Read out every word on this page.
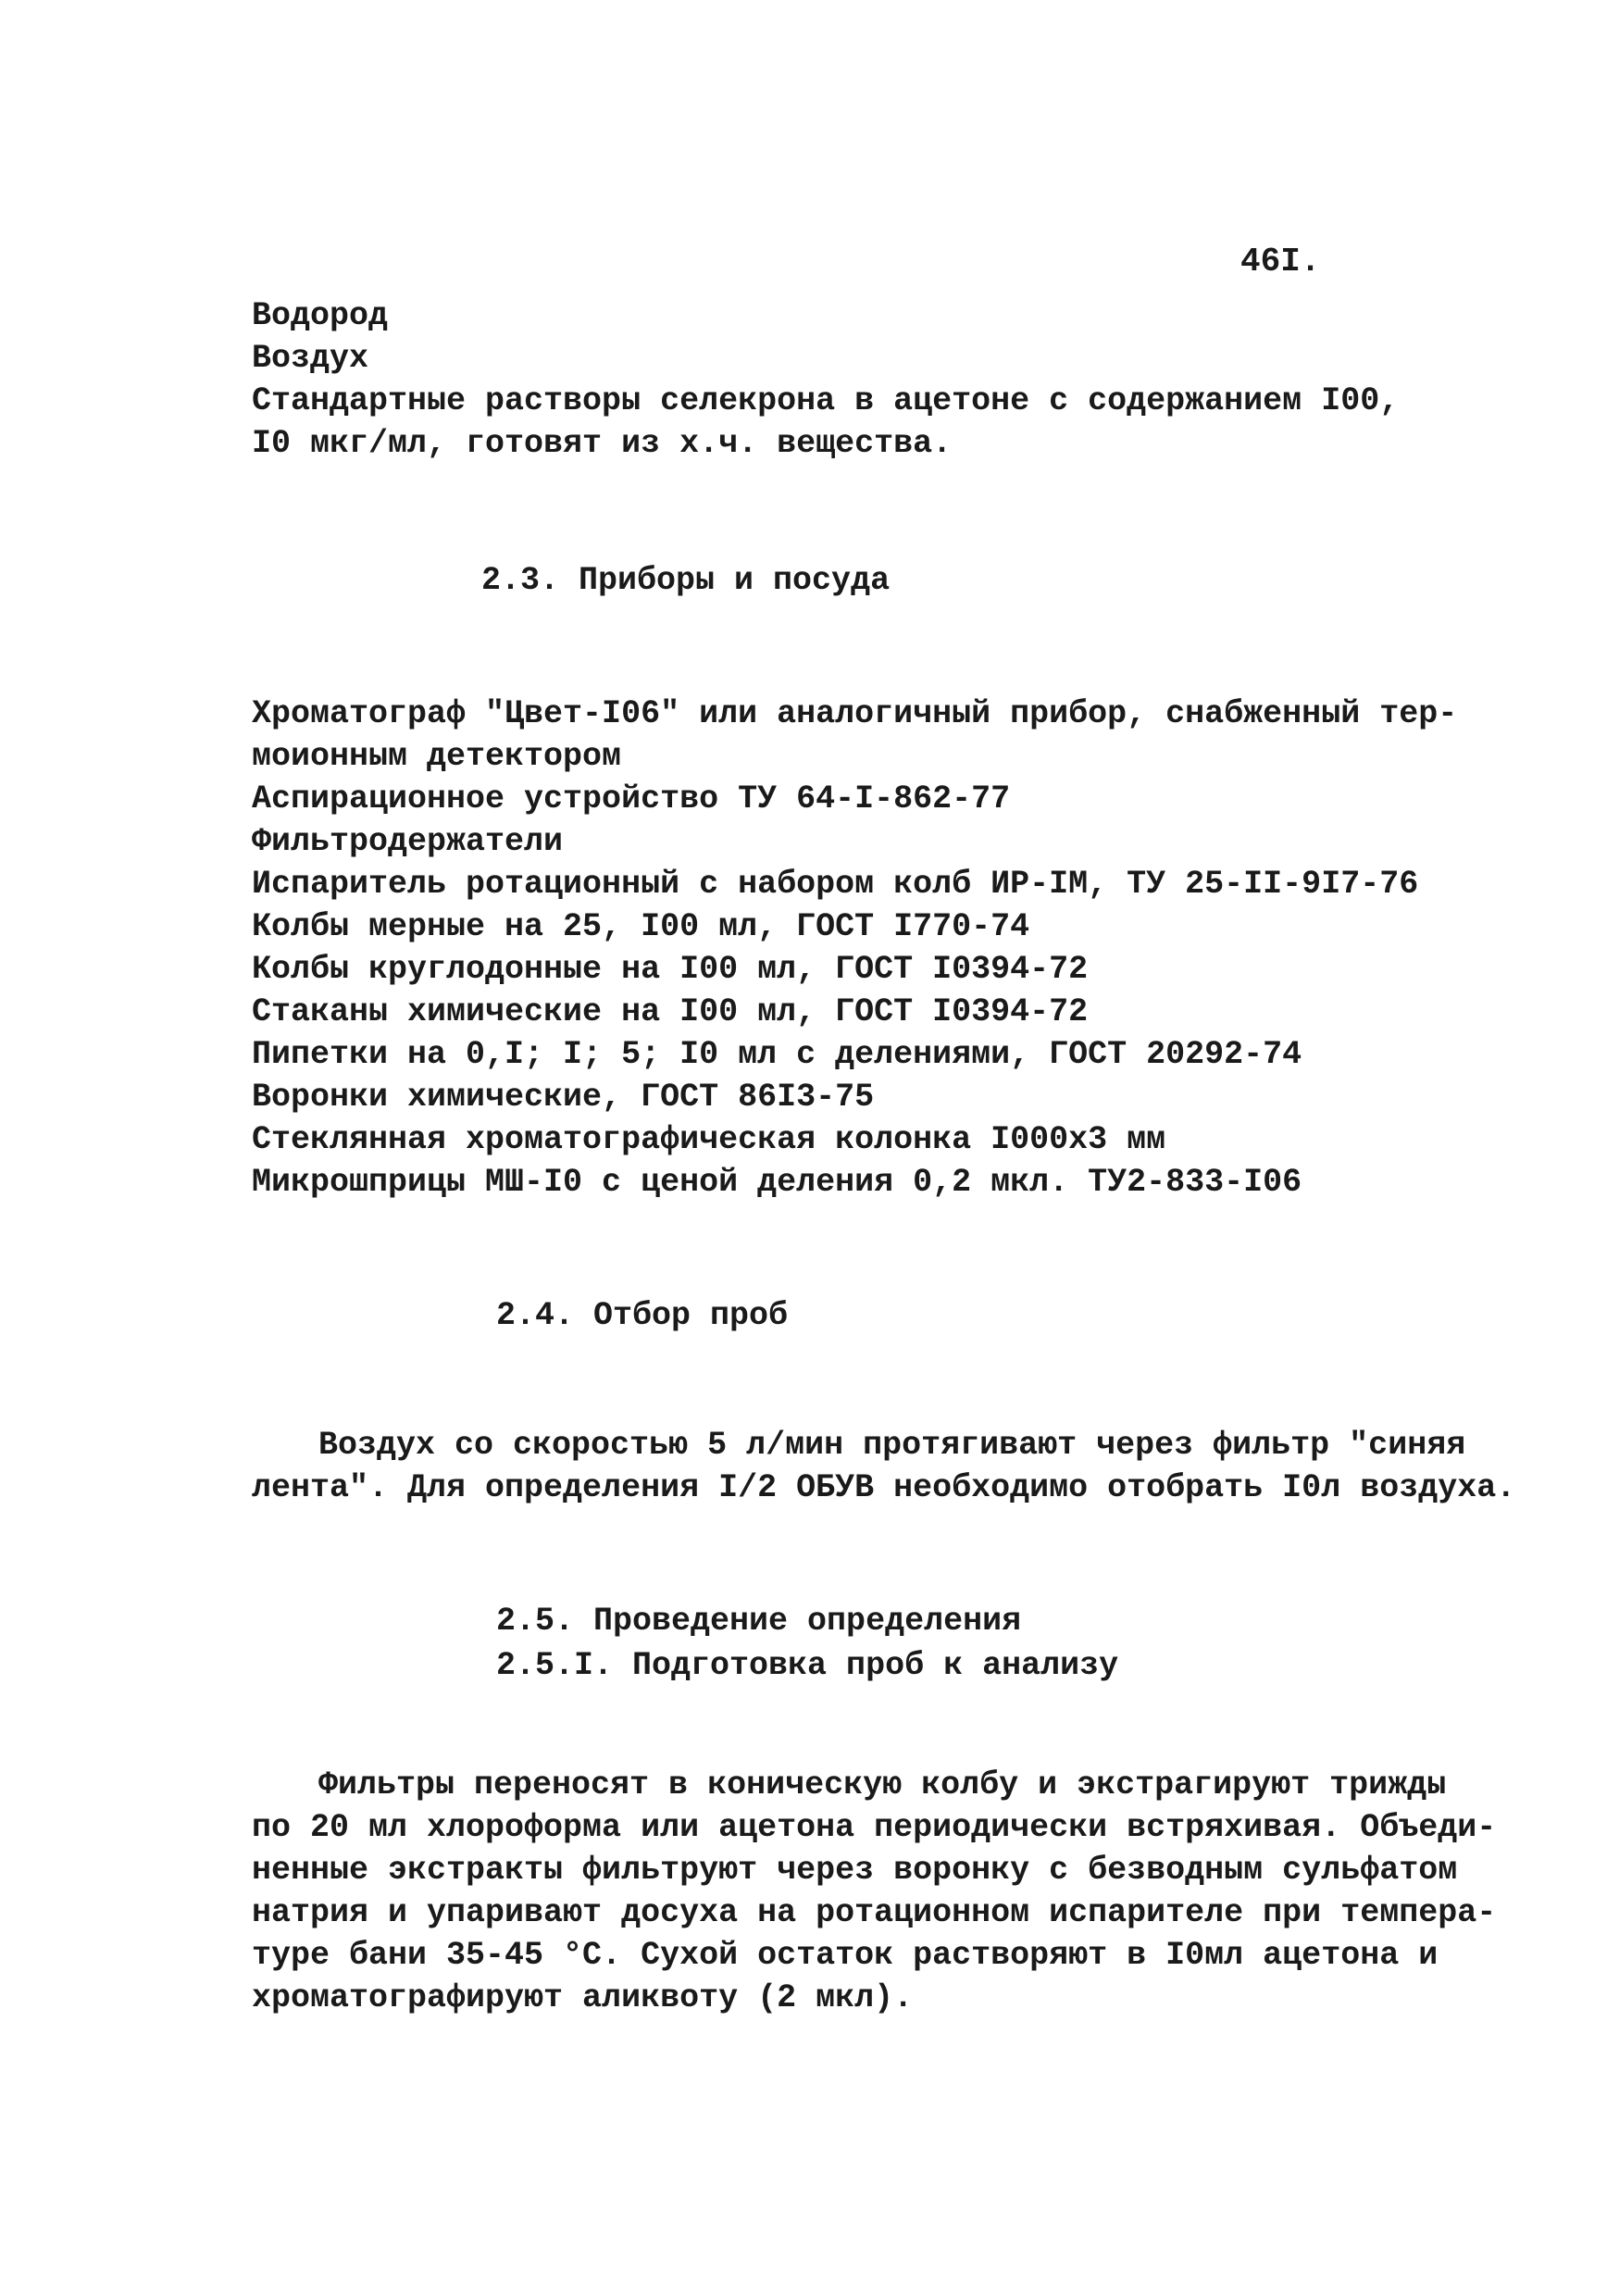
46I.
Водород
Воздух
Стандартные растворы селекрона в ацетоне с содержанием I00,
I0 мкг/мл, готовят из х.ч. вещества.
2.3. Приборы и посуда
Хроматограф "Цвет-I06" или аналогичный прибор, снабженный тер-
моионным детектором
Аспирационное устройство ТУ 64-I-862-77
Фильтродержатели
Испаритель ротационный с набором колб ИР-IМ, ТУ 25-II-9I7-76
Колбы мерные на 25, I00 мл, ГОСТ I770-74
Колбы круглодонные на I00 мл, ГОСТ I0394-72
Стаканы химические на I00 мл, ГОСТ I0394-72
Пипетки на 0,I; I; 5; I0 мл с делениями, ГОСТ 20292-74
Воронки химические, ГОСТ 86I3-75
Стеклянная хроматографическая колонка I000х3 мм
Микрошприцы МШ-I0 с ценой деления 0,2 мкл. ТУ2-833-I06
2.4. Отбор проб
Воздух со скоростью 5 л/мин протягивают через фильтр "синяя
лента". Для определения I/2 ОБУВ необходимо отобрать I0л воздуха.
2.5. Проведение определения
2.5.I. Подготовка проб к анализу
Фильтры переносят в коническую колбу и экстрагируют трижды
по 20 мл хлороформа или ацетона периодически встряхивая. Объеди-
ненные экстракты фильтруют через воронку с безводным сульфатом
натрия и упаривают досуха на ротационном испарителе при темпера-
туре бани 35-45 °С. Сухой остаток растворяют в I0мл ацетона и
хроматографируют аликвоту (2 мкл).
